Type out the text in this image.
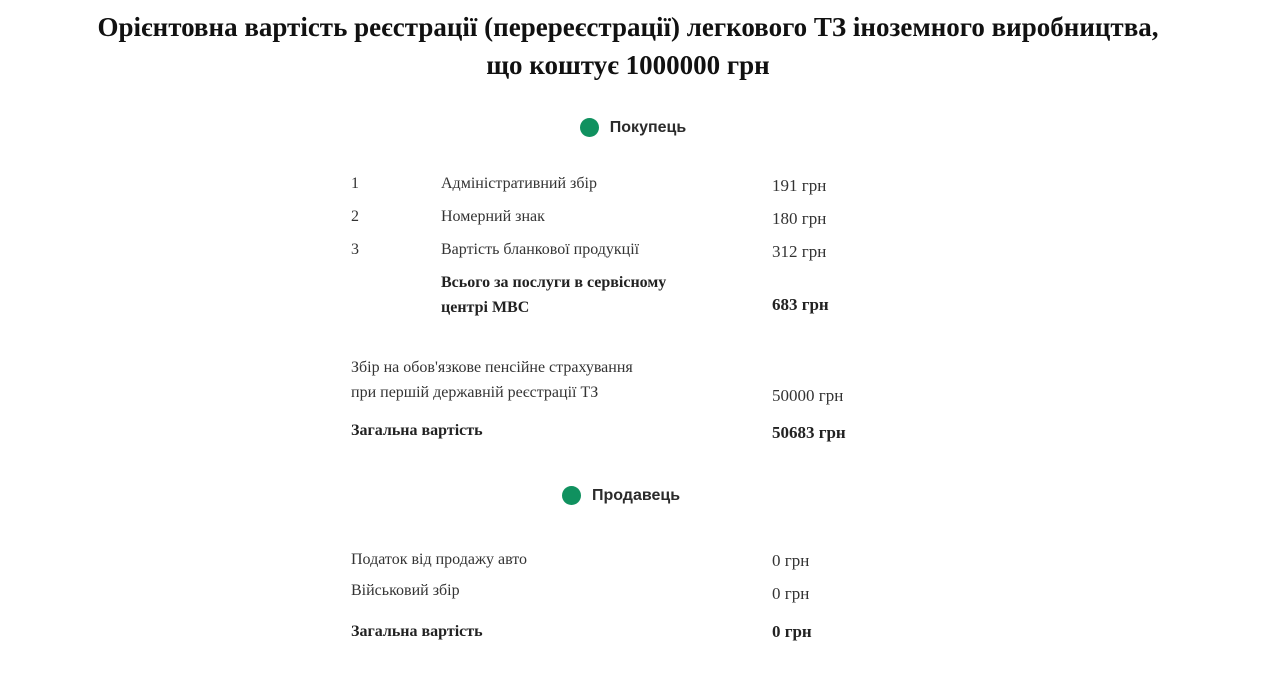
Орієнтовна вартість реєстрації (перереєстрації) легкового ТЗ іноземного виробництва,
що коштує 1000000 грн
Покупець
1	Адміністративний збір	191 грн
2	Номерний знак	180 грн
3	Вартість бланкової продукції	312 грн
Всього за послуги в сервісному
центрі МВС	683 грн
Збір на обов'язкове пенсійне страхування
при першій державній реєстрації ТЗ	50000 грн
Загальна вартість	50683 грн
Продавець
Податок від продажу авто	0 грн
Військовий збір	0 грн
Загальна вартість	0 грн
